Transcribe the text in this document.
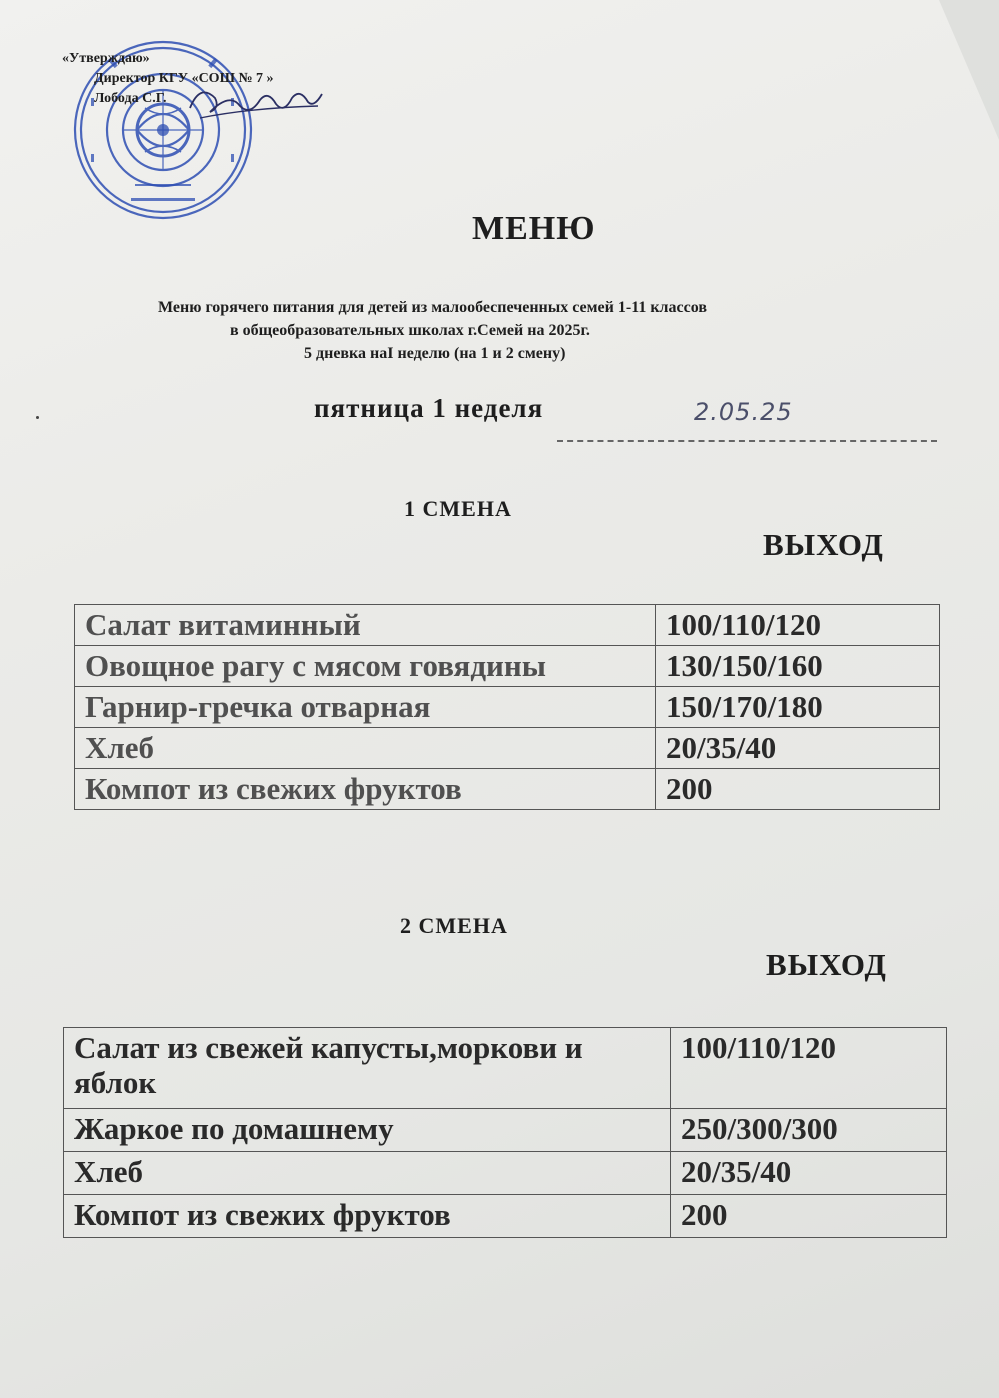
«Утверждаю»
Директор КГУ «СОШ № 7 »
Лобода С.Г.
МЕНЮ
Меню горячего питания для детей из малообеспеченных семей 1-11 классов
в общеобразовательных школах г.Семей на 2025г.
5 дневка наI неделю (на 1 и 2 смену)
пятница 1 неделя	2.05.25
1 СМЕНА
ВЫХОД
Салат витаминный	100/110/120
Овощное рагу с мясом говядины	130/150/160
Гарнир-гречка отварная	150/170/180
Хлеб	20/35/40
Компот из свежих фруктов	200
2 СМЕНА
ВЫХОД
Салат из свежей капусты,моркови и яблок	100/110/120
Жаркое по домашнему	250/300/300
Хлеб	20/35/40
Компот из свежих фруктов	200
